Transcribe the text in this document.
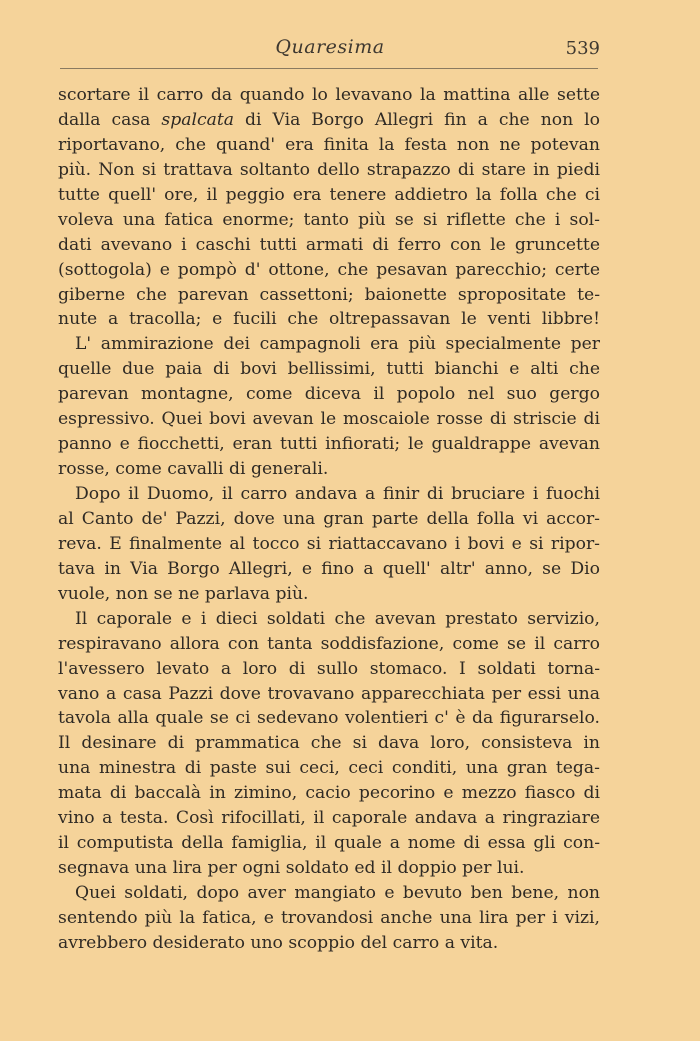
Quaresima	539
scortare il carro da quando lo levavano la mattina alle sette
dalla casa spalcata di Via Borgo Allegri fin a che non lo
riportavano, che quand' era finita la festa non ne potevan
più. Non si trattava soltanto dello strapazzo di stare in piedi
tutte quell' ore, il peggio era tenere addietro la folla che ci
voleva una fatica enorme; tanto più se si riflette che i sol-
dati avevano i caschi tutti armati di ferro con le gruncette
(sottogola) e pompò d' ottone, che pesavan parecchio; certe
giberne che parevan cassettoni; baionette spropositate te-
nute a tracolla; e fucili che oltrepassavan le venti libbre!
L' ammirazione dei campagnoli era più specialmente per
quelle due paia di bovi bellissimi, tutti bianchi e alti che
parevan montagne, come diceva il popolo nel suo gergo
espressivo. Quei bovi avevan le moscaiole rosse di striscie di
panno e fiocchetti, eran tutti infiorati; le gualdrappe avevan
rosse, come cavalli di generali.
Dopo il Duomo, il carro andava a finir di bruciare i fuochi
al Canto de' Pazzi, dove una gran parte della folla vi accor-
reva. E finalmente al tocco si riattaccavano i bovi e si ripor-
tava in Via Borgo Allegri, e fino a quell' altr' anno, se Dio
vuole, non se ne parlava più.
Il caporale e i dieci soldati che avevan prestato servizio,
respiravano allora con tanta soddisfazione, come se il carro
l'avessero levato a loro di sullo stomaco. I soldati torna-
vano a casa Pazzi dove trovavano apparecchiata per essi una
tavola alla quale se ci sedevano volentieri c' è da figurarselo.
Il desinare di prammatica che si dava loro, consisteva in
una minestra di paste sui ceci, ceci conditi, una gran tega-
mata di baccalà in zimino, cacio pecorino e mezzo fiasco di
vino a testa. Così rifocillati, il caporale andava a ringraziare
il computista della famiglia, il quale a nome di essa gli con-
segnava una lira per ogni soldato ed il doppio per lui.
Quei soldati, dopo aver mangiato e bevuto ben bene, non
sentendo più la fatica, e trovandosi anche una lira per i vizi,
avrebbero desiderato uno scoppio del carro a vita.
